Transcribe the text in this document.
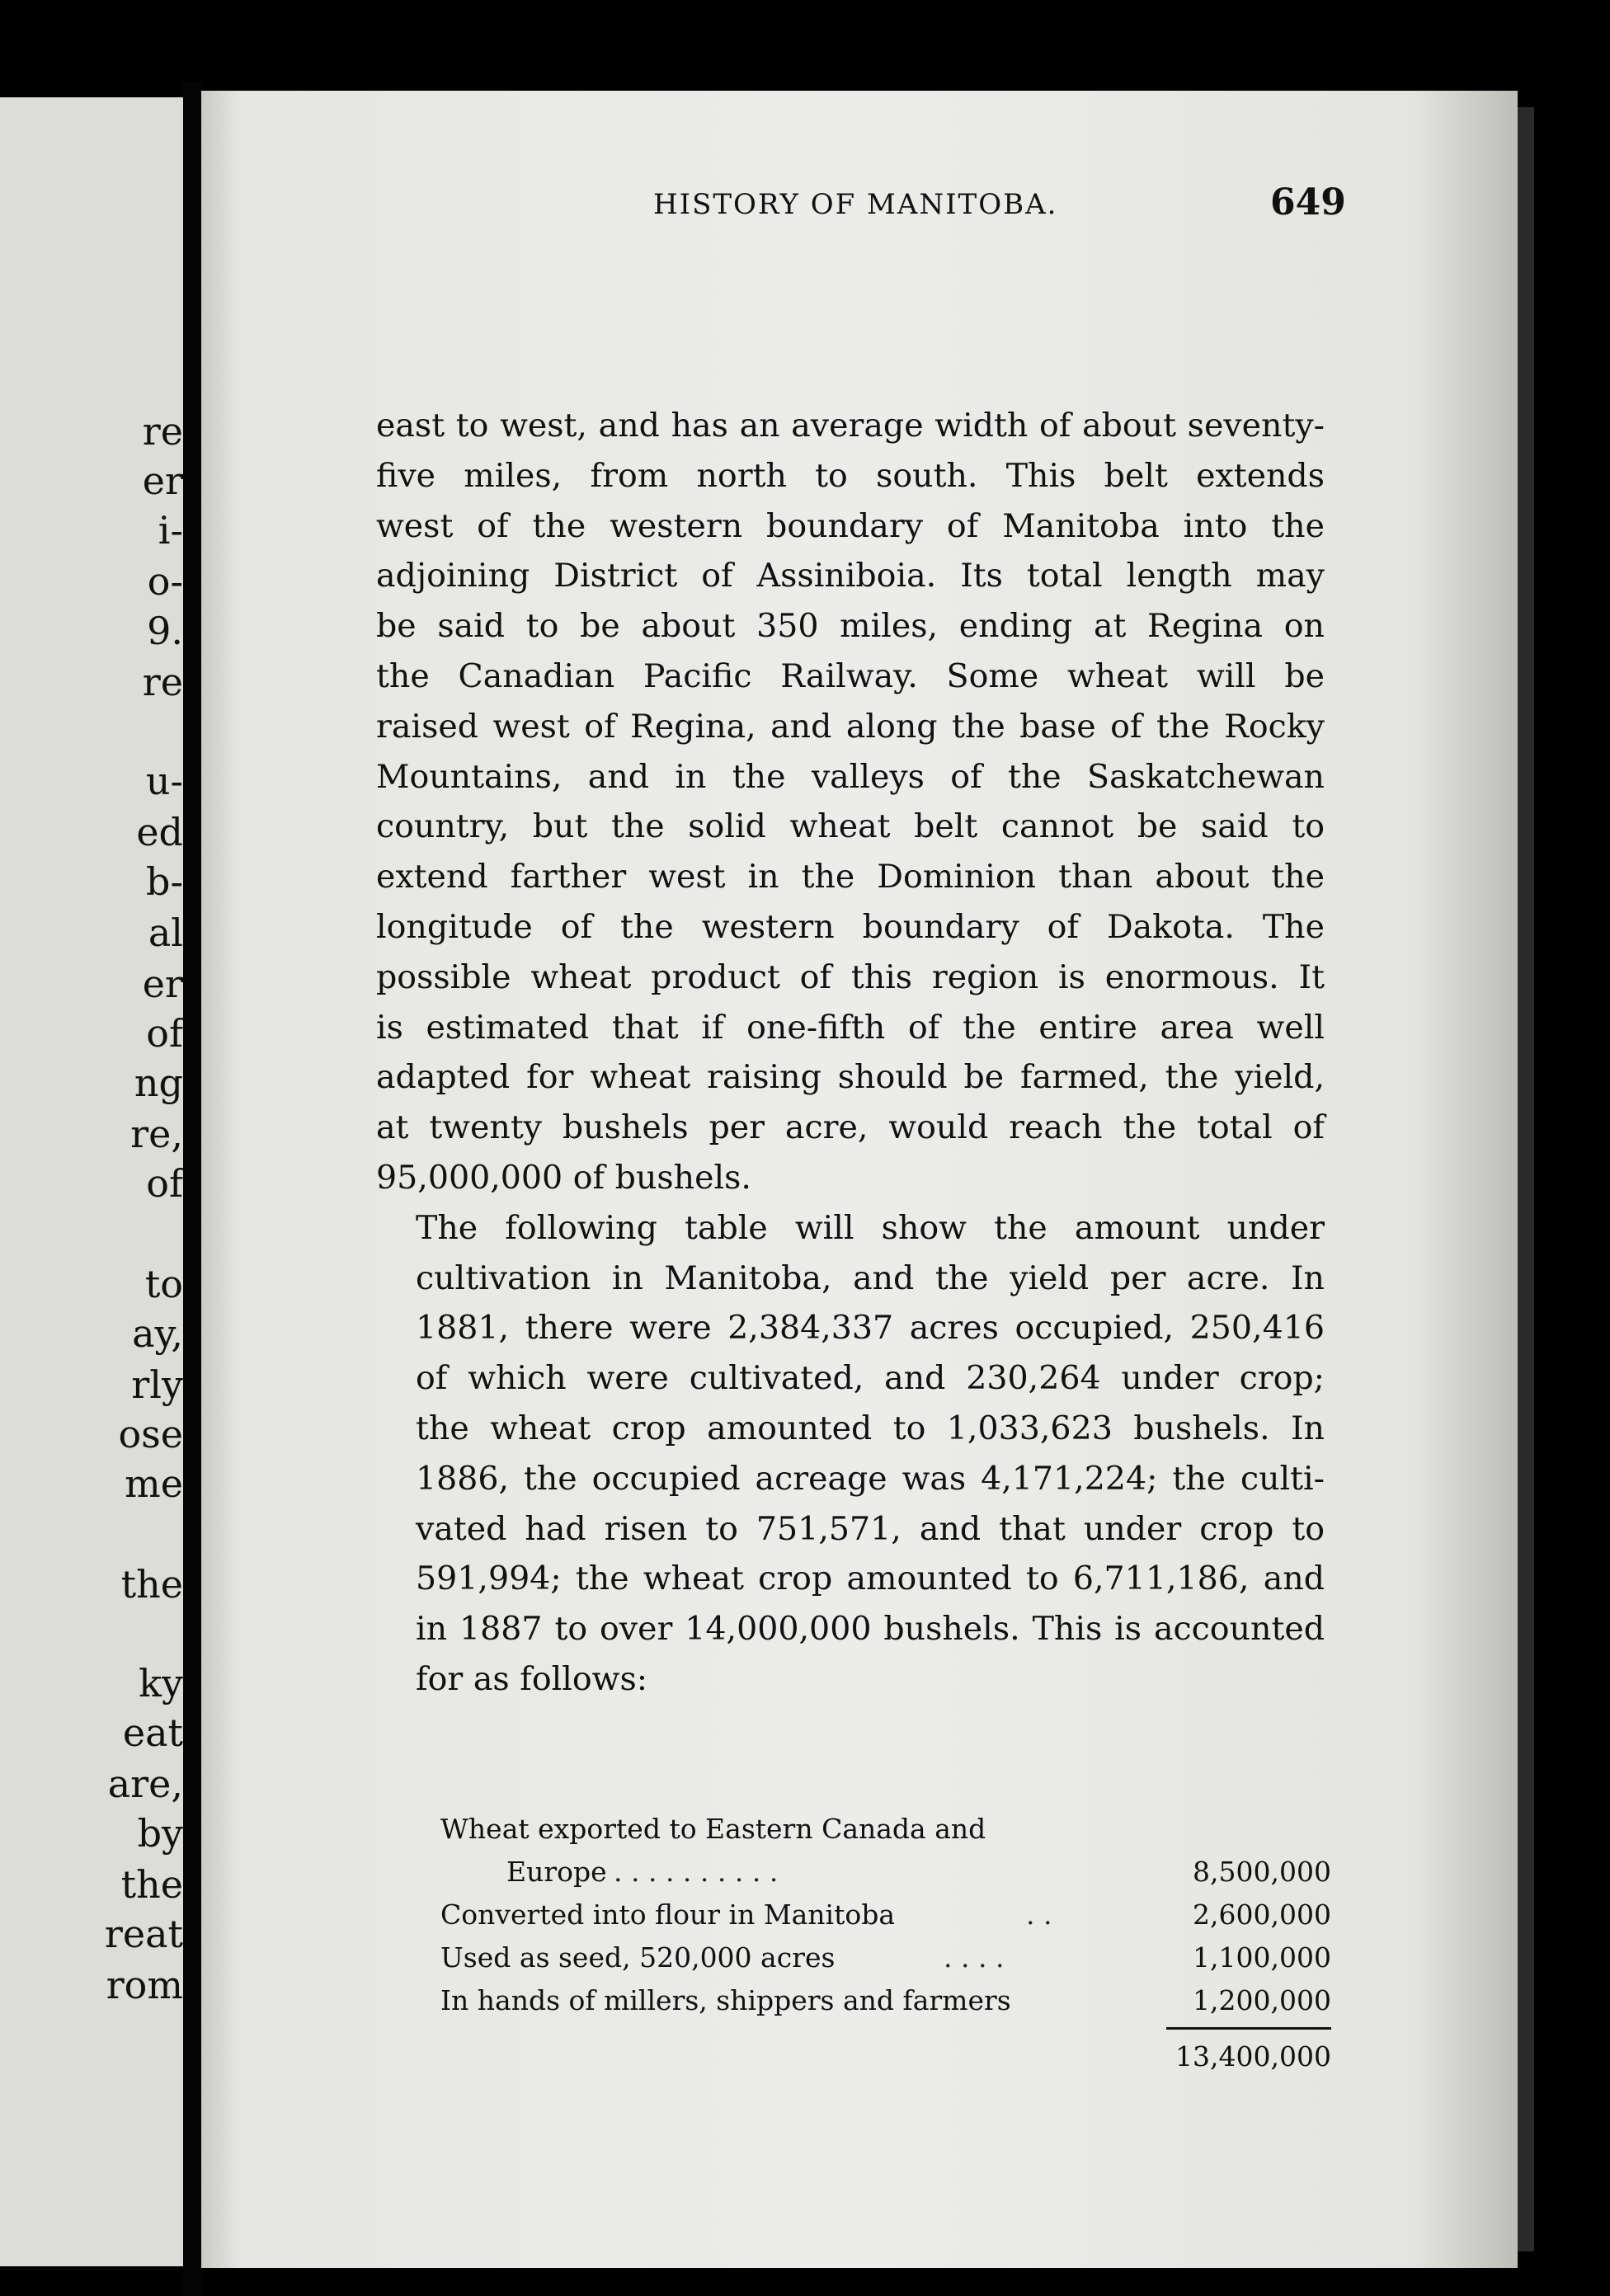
re
er
i-
o-
9.
re
u-
ed
b-
al
er
of
ng
re,
of
to
ay,
rly
ose
me
the
ky
eat
are,
by
the
reat
rom
HISTORY OF MANITOBA.	649

east to west, and has an average width of about seventy-
five miles, from north to south. This belt extends
west of the western boundary of Manitoba into the
adjoining District of Assiniboia. Its total length may
be said to be about 350 miles, ending at Regina on
the Canadian Pacific Railway. Some wheat will be
raised west of Regina, and along the base of the Rocky
Mountains, and in the valleys of the Saskatchewan
country, but the solid wheat belt cannot be said to
extend farther west in the Dominion than about the
longitude of the western boundary of Dakota. The
possible wheat product of this region is enormous. It
is estimated that if one-fifth of the entire area well
adapted for wheat raising should be farmed, the yield,
at twenty bushels per acre, would reach the total of
95,000,000 of bushels.

The following table will show the amount under
cultivation in Manitoba, and the yield per acre. In
1881, there were 2,384,337 acres occupied, 250,416
of which were cultivated, and 230,264 under crop;
the wheat crop amounted to 1,033,623 bushels. In
1886, the occupied acreage was 4,171,224; the culti-
vated had risen to 751,571, and that under crop to
591,994; the wheat crop amounted to 6,711,186, and
in 1887 to over 14,000,000 bushels. This is accounted
for as follows:

Wheat exported to Eastern Canada and
Europe . . . . . . . . . .	8,500,000
Converted into flour in Manitoba	. .	2,600,000
Used as seed, 520,000 acres	. . . .	1,100,000
In hands of millers, shippers and farmers	1,200,000
13,400,000
